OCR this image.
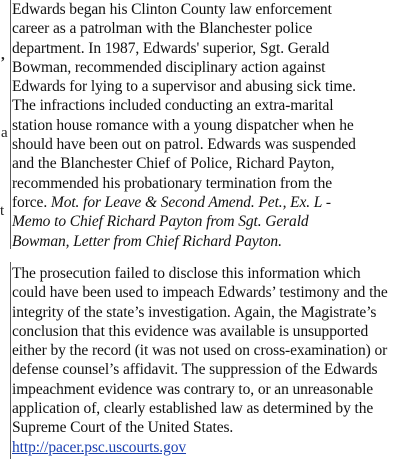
,
a
t
Edwards began his Clinton County law enforcement
career as a patrolman with the Blanchester police
department. In 1987, Edwards' superior, Sgt. Gerald
Bowman, recommended disciplinary action against
Edwards for lying to a supervisor and abusing sick time.
The infractions included conducting an extra-marital
station house romance with a young dispatcher when he
should have been out on patrol. Edwards was suspended
and the Blanchester Chief of Police, Richard Payton,
recommended his probationary termination from the
force. Mot. for Leave & Second Amend. Pet., Ex. L -
Memo to Chief Richard Payton from Sgt. Gerald
Bowman, Letter from Chief Richard Payton.
The prosecution failed to disclose this information which
could have been used to impeach Edwards’ testimony and the
integrity of the state’s investigation. Again, the Magistrate’s
conclusion that this evidence was available is unsupported
either by the record (it was not used on cross-examination) or
defense counsel’s affidavit. The suppression of the Edwards
impeachment evidence was contrary to, or an unreasonable
application of, clearly established law as determined by the
Supreme Court of the United States.
http://pacer.psc.uscourts.gov
